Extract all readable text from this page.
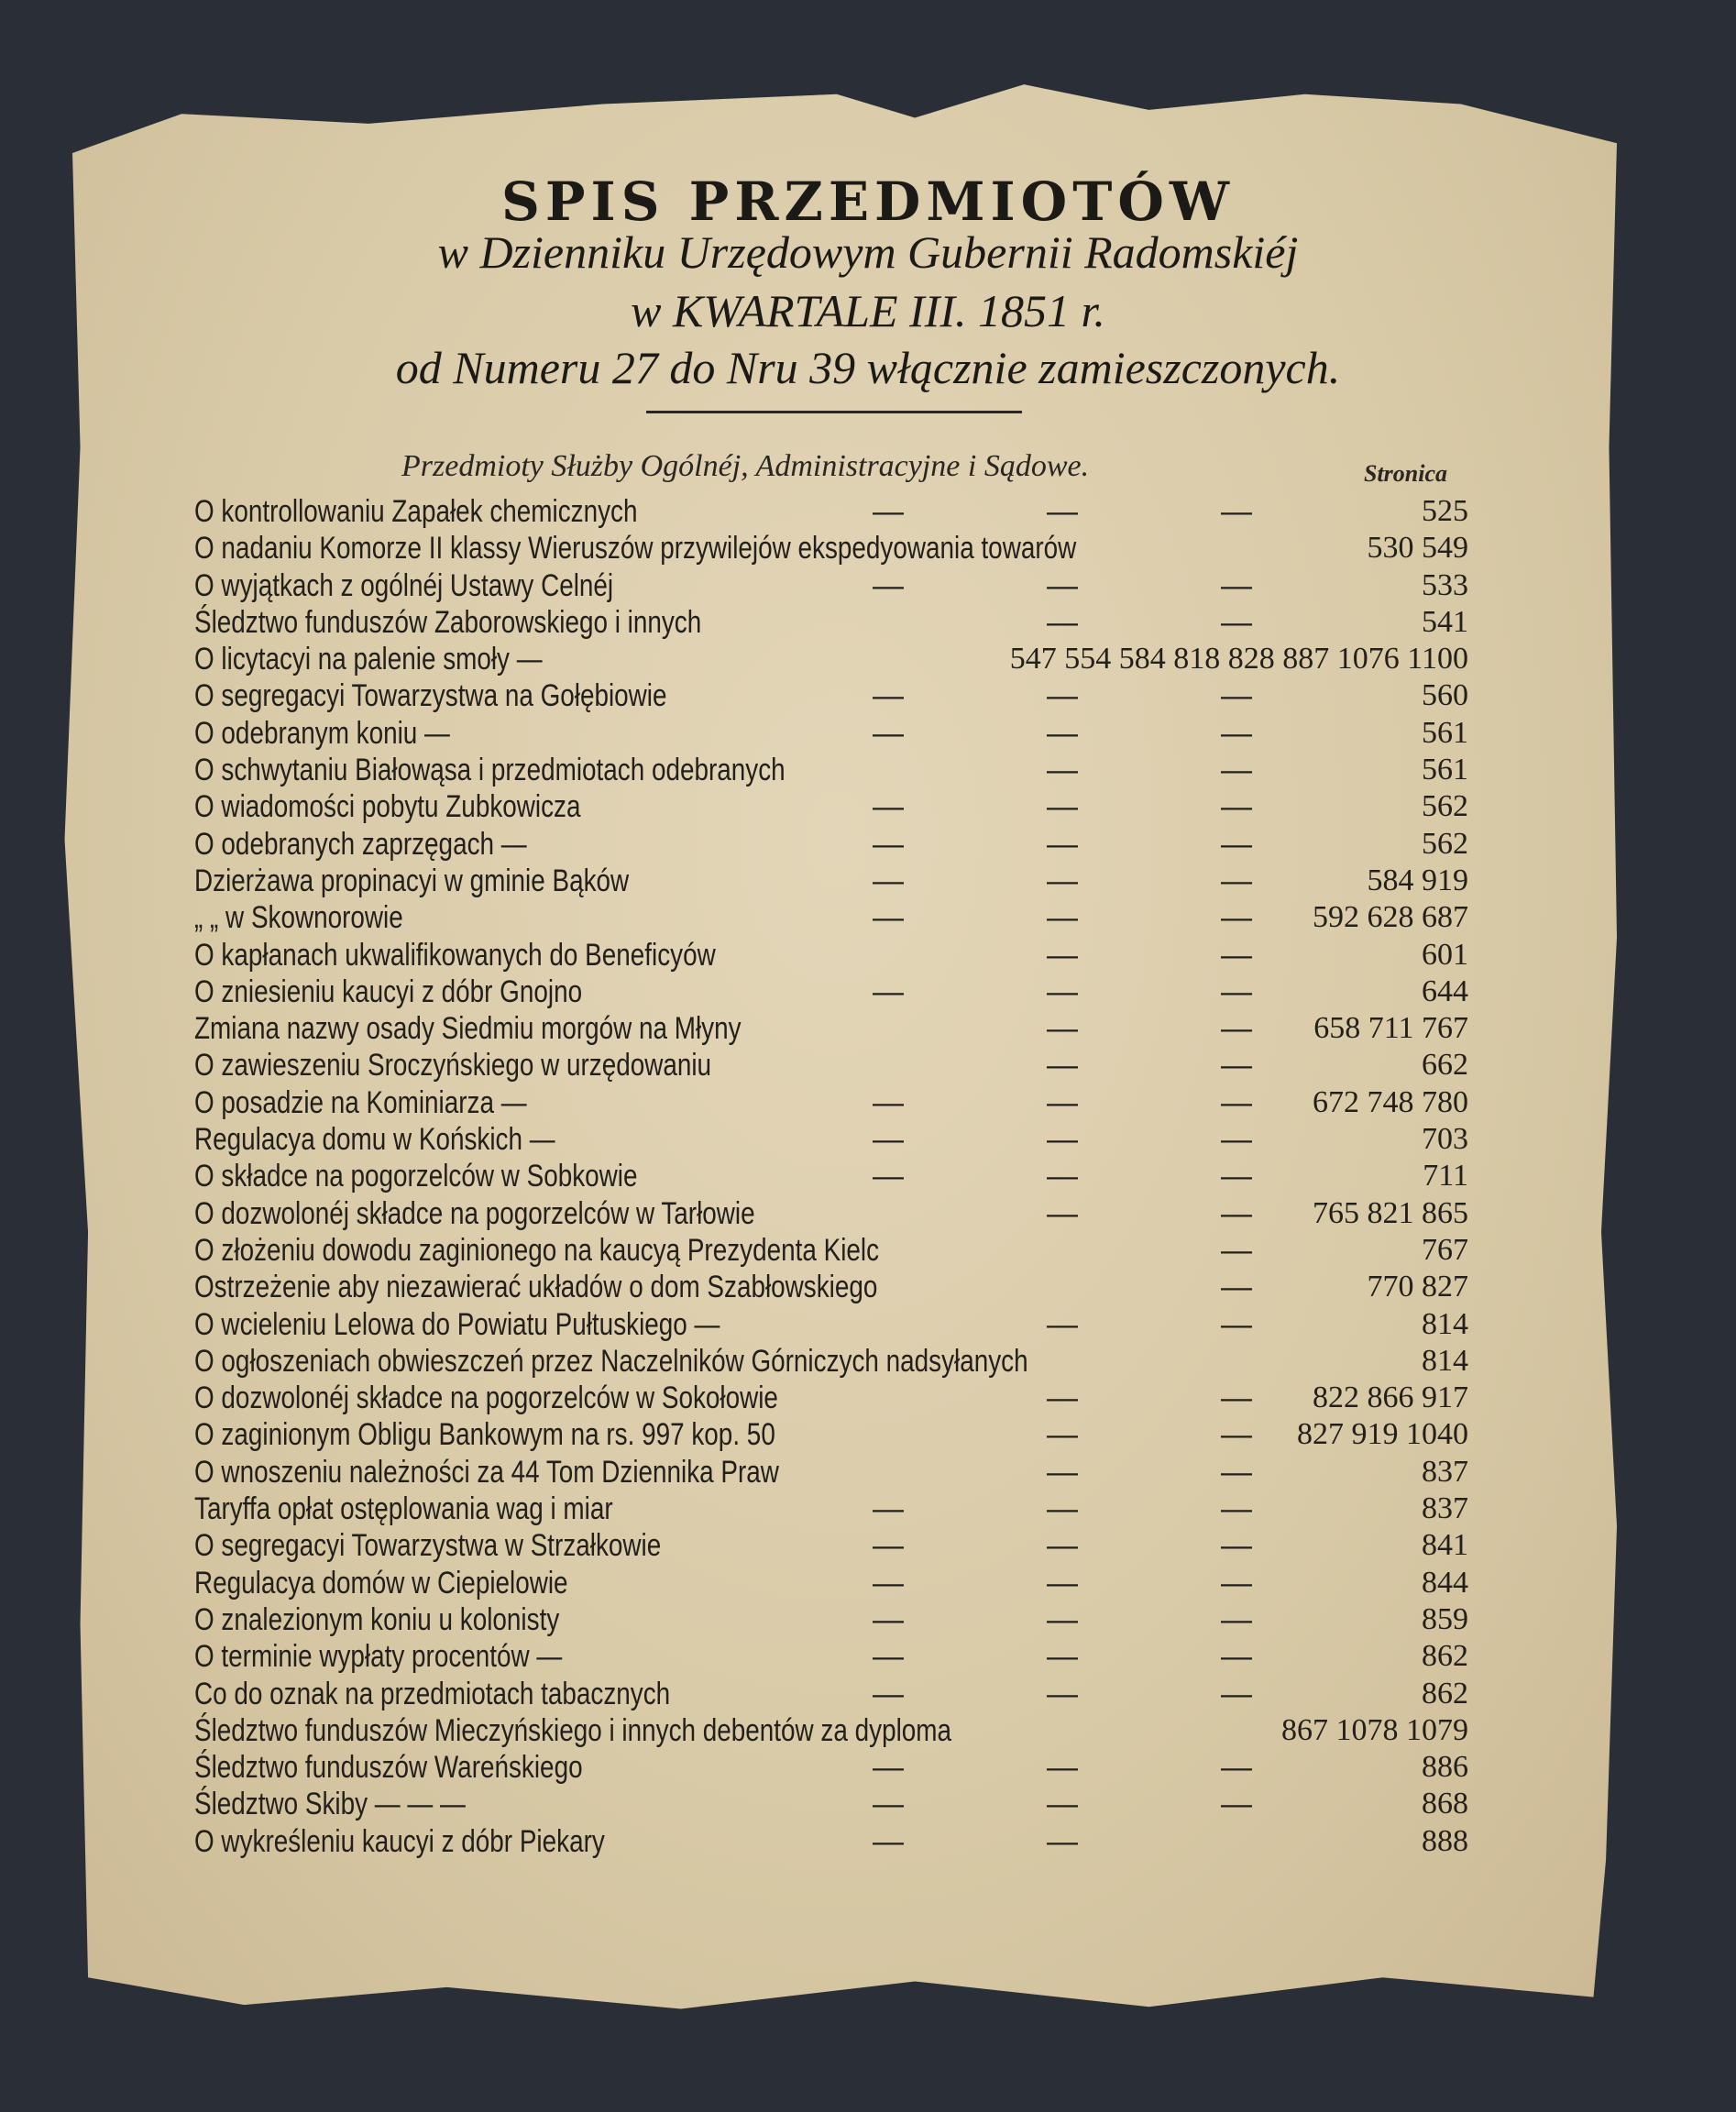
SPIS PRZEDMIOTÓW
w Dzienniku Urzędowym Gubernii Radomskiéj
w KWARTALE III. 1851 r.
od Numeru 27 do Nru 39 włącznie zamieszczonych.
Przedmioty Służby Ogólnéj, Administracyjne i Sądowe.	Stronica
O kontrollowaniu Zapałek chemicznych	—	—	—	525
O nadaniu Komorze II klassy Wieruszów przywilejów ekspedyowania towarów	530 549
O wyjątkach z ogólnéj Ustawy Celnéj	—	—	—	533
Śledztwo funduszów Zaborowskiego i innych	—	—	541
O licytacyi na palenie smoły —	547 554 584 818 828 887 1076 1100
O segregacyi Towarzystwa na Gołębiowie	—	—	—	560
O odebranym koniu —	—	—	—	561
O schwytaniu Białowąsa i przedmiotach odebranych	—	—	561
O wiadomości pobytu Zubkowicza	—	—	—	562
O odebranych zaprzęgach —	—	—	—	562
Dzierżawa propinacyi w gminie Bąków	—	—	—	584 919
„ „ w Skownorowie	—	—	— 592 628 687
O kapłanach ukwalifikowanych do Beneficyów	—	—	601
O zniesieniu kaucyi z dóbr Gnojno	—	—	—	644
Zmiana nazwy osady Siedmiu morgów na Młyny	—	— 658 711 767
O zawieszeniu Sroczyńskiego w urzędowaniu	—	—	662
O posadzie na Kominiarza —	—	—	— 672 748 780
Regulacya domu w Końskich —	—	—	—	703
O składce na pogorzelców w Sobkowie	—	—	—	711
O dozwolonéj składce na pogorzelców w Tarłowie	—	— 765 821 865
O złożeniu dowodu zaginionego na kaucyą Prezydenta Kielc	—	767
Ostrzeżenie aby niezawierać układów o dom Szabłowskiego	—	770 827
O wcieleniu Lelowa do Powiatu Pułtuskiego —	—	—	814
O ogłoszeniach obwieszczeń przez Naczelników Górniczych nadsyłanych	814
O dozwolonéj składce na pogorzelców w Sokołowie	—	— 822 866 917
O zaginionym Obligu Bankowym na rs. 997 kop. 50	—	— 827 919 1040
O wnoszeniu należności za 44 Tom Dziennika Praw	—	—	837
Taryffa opłat ostęplowania wag i miar	—	—	—	837
O segregacyi Towarzystwa w Strzałkowie	—	—	—	841
Regulacya domów w Ciepielowie	—	—	—	844
O znalezionym koniu u kolonisty	—	—	—	859
O terminie wypłaty procentów —	—	—	—	862
Co do oznak na przedmiotach tabacznych	—	—	—	862
Śledztwo funduszów Mieczyńskiego i innych debentów za dyploma	867 1078 1079
Śledztwo funduszów Wareńskiego	—	—	—	886
Śledztwo Skiby — — —	—	—	—	868
O wykreśleniu kaucyi z dóbr Piekary	—	—	888
